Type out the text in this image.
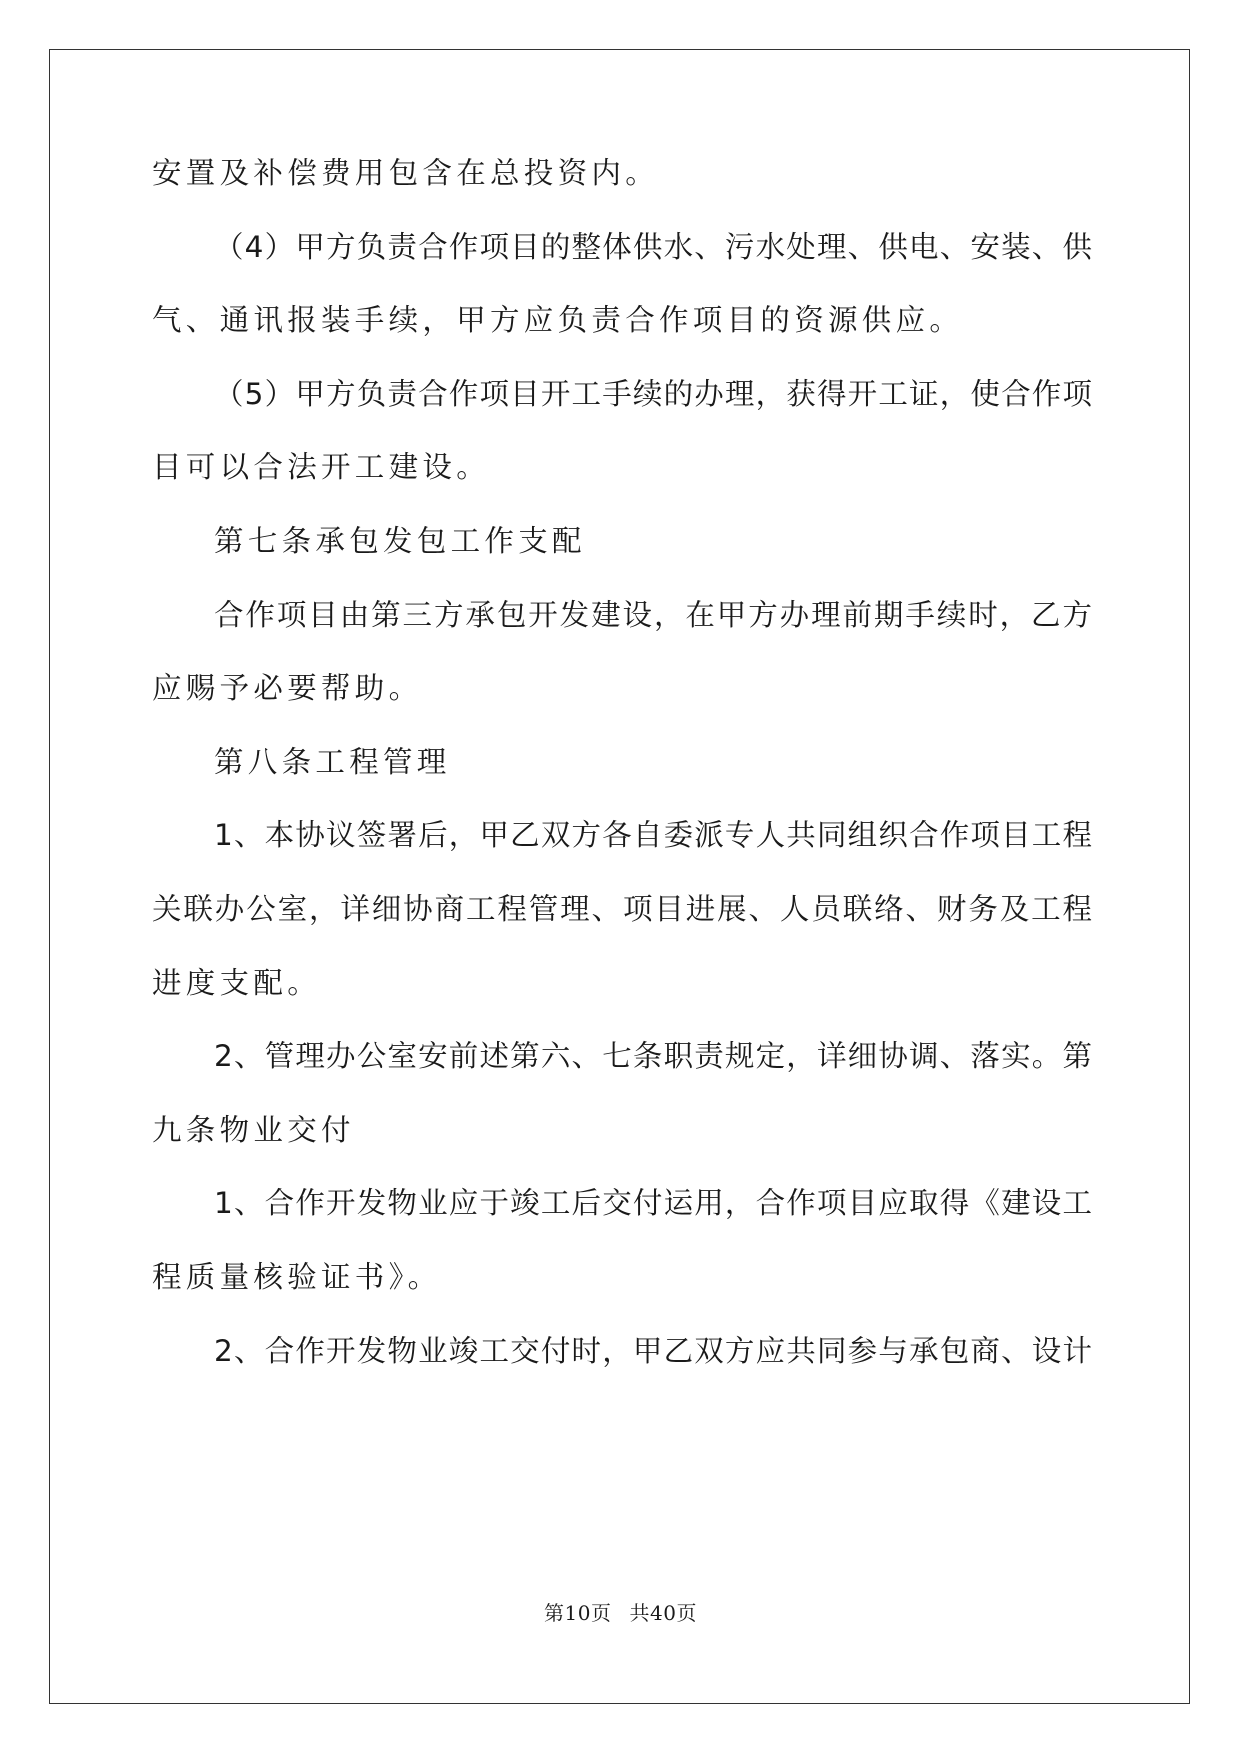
安置及补偿费用包含在总投资内。
（4）甲方负责合作项目的整体供水、污水处理、供电、安装、供
气、通讯报装手续，甲方应负责合作项目的资源供应。
（5）甲方负责合作项目开工手续的办理，获得开工证，使合作项
目可以合法开工建设。
第七条承包发包工作支配
合作项目由第三方承包开发建设，在甲方办理前期手续时，乙方
应赐予必要帮助。
第八条工程管理
1、本协议签署后，甲乙双方各自委派专人共同组织合作项目工程
关联办公室，详细协商工程管理、项目进展、人员联络、财务及工程
进度支配。
2、管理办公室安前述第六、七条职责规定，详细协调、落实。第
九条物业交付
1、合作开发物业应于竣工后交付运用，合作项目应取得《建设工
程质量核验证书》。
2、合作开发物业竣工交付时，甲乙双方应共同参与承包商、设计
第10页 共40页
